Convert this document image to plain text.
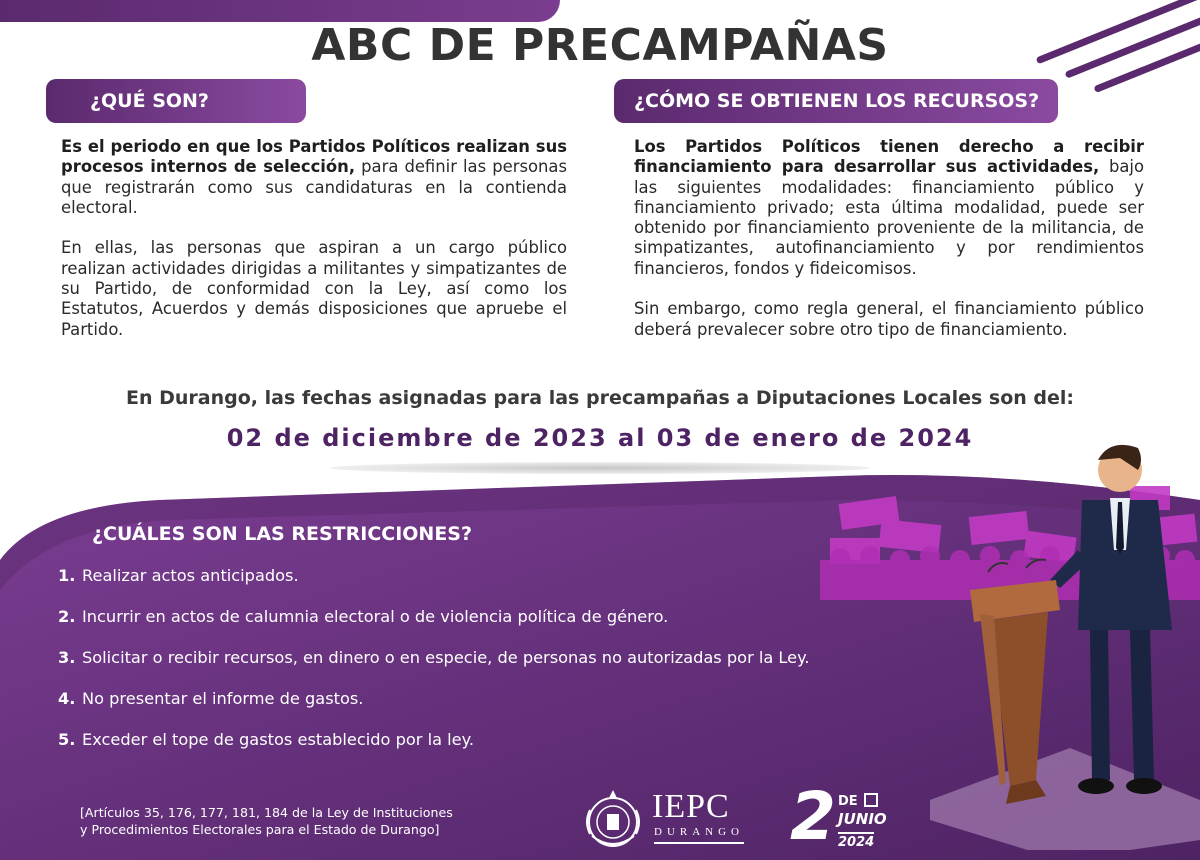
ABC DE PRECAMPAÑAS
¿QUÉ SON?

Es el periodo en que los Partidos Políticos realizan sus procesos internos de selección, para definir las personas que registrarán como sus candidaturas en la contienda electoral.

En ellas, las personas que aspiran a un cargo público realizan actividades dirigidas a militantes y simpatizantes de su Partido, de conformidad con la Ley, así como los Estatutos, Acuerdos y demás disposiciones que apruebe el Partido.

¿CÓMO SE OBTIENEN LOS RECURSOS?

Los Partidos Políticos tienen derecho a recibir financiamiento para desarrollar sus actividades, bajo las siguientes modalidades: financiamiento público y financiamiento privado; esta última modalidad, puede ser obtenido por financiamiento proveniente de la militancia, de simpatizantes, autofinanciamiento y por rendimientos financieros, fondos y fideicomisos.

Sin embargo, como regla general, el financiamiento público deberá prevalecer sobre otro tipo de financiamiento.

En Durango, las fechas asignadas para las precampañas a Diputaciones Locales son del:
02 de diciembre de 2023 al 03 de enero de 2024
¿CUÁLES SON LAS RESTRICCIONES?
1. Realizar actos anticipados.
2. Incurrir en actos de calumnia electoral o de violencia política de género.
3. Solicitar o recibir recursos, en dinero o en especie, de personas no autorizadas por la Ley.
4. No presentar el informe de gastos.
5. Exceder el tope de gastos establecido por la ley.
[Artículos 35, 176, 177, 181, 184 de la Ley de Instituciones
y Procedimientos Electorales para el Estado de Durango]
IEPC
DURANGO 2 DE
JUNIO
2024
